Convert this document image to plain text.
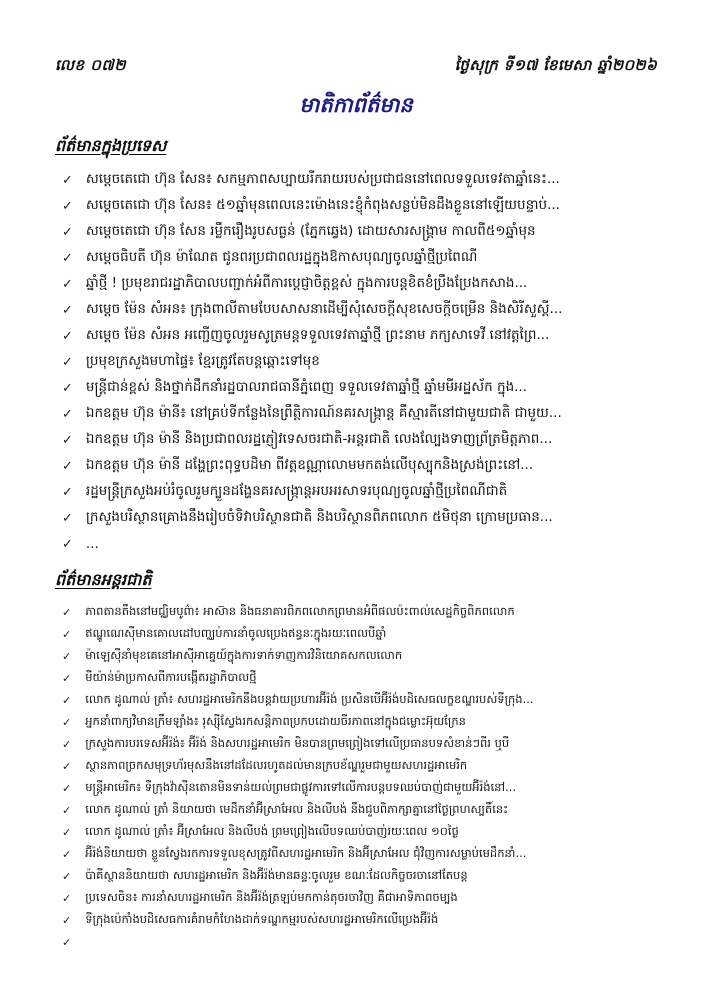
លេខ ០៧២	ថ្ងៃសុក្រ ទី១៧ ខែមេសា ឆ្នាំ២០២៦
មាតិកាព័ត៌មាន
ព័ត៌មានក្នុងប្រទេស
✓ សម្តេចតេជោ ហ៊ុន សែន៖ សកម្មភាពសប្បាយរីករាយរបស់ប្រជាជននៅពេលទទួលទេវតាឆ្នាំនេះ...
✓ សម្តេចតេជោ ហ៊ុន សែន៖ ៥១ឆ្នាំមុនពេលនេះម៉ោងនេះខ្ញុំកំពុងសន្លប់មិនដឹងខ្លួននៅឡើយបន្ទាប់...
✓ សម្តេចតេជោ ហ៊ុន សែន រម្លឹករឿងរូបសធ្ងន់ (ភ្នែកឆ្វេង) ដោយសារសង្គ្រាម កាលពី៥១ឆ្នាំមុន
✓ សម្តេចធិបតី ហ៊ុន ម៉ាណែត ជូនពរប្រជាពលរដ្ឋក្នុងឱកាសបុណ្យចូលឆ្នាំថ្មីប្រពៃណី
✓ ឆ្នាំថ្មី ! ប្រមុខរាជរដ្ឋាភិបាលបញ្ជាក់អំពីការប្តេជ្ញាចិត្តខ្ពស់ ក្នុងការបន្តខិតខំប្រឹងប្រែងកសាង...
✓ សម្តេច ម៉ែន សំអន៖ ក្រុងពាលីតាមបែបសាសនាដើម្បីសុំសេចក្តីសុខសេចក្តីចម្រើន និងសិរីសួស្តី...
✓ សម្តេច ម៉ែន សំអន អញ្ជើញចូលរួមសូត្រមន្តទទួលទេវតាឆ្នាំថ្មី ព្រះនាម ភក្យសាទេវី នៅវត្តព្រៃ...
✓ ប្រមុខក្រសួងមហាផ្ទៃ៖ ខ្មែរត្រូវតែបន្តឆ្ពោះទៅមុខ
✓ មន្ត្រីជាន់ខ្ពស់ និងថ្នាក់ដឹកនាំរដ្ឋបាលរាជធានីភ្នំពេញ ទទួលទេវតាឆ្នាំថ្មី ឆ្នាំមមីអដ្ឋស័ក ក្នុង...
✓ ឯកឧត្តម ហ៊ុន ម៉ានី៖ នៅគ្រប់ទីកន្លែងនៃព្រឹត្តិការណ៍នគរសង្ក្រាន្ត គឺស្មារតីនៅជាមួយជាតិ ជាមួយ...
✓ ឯកឧត្តម ហ៊ុន ម៉ានី និងប្រជាពលរដ្ឋភ្ញៀវទេសចរជាតិ-អន្តរជាតិ លេងល្បែងទាញព្រ័ត្រមិត្តភាព...
✓ ឯកឧត្តម ហ៊ុន ម៉ានី ដង្ហែព្រះពុទ្ធបដិមា ពីវត្តឧណ្ណាលោមមកតង់លើបុស្បុកនិងស្រង់ព្រះនៅ...
✓ រដ្ឋមន្ត្រីក្រសួងអប់រំចូលរួមក្បួនដង្ហែនគរសង្ក្រាន្តអបអរសាទរបុណ្យចូលឆ្នាំថ្មីប្រពៃណីជាតិ
✓ ក្រសួងបរិស្ថានគ្រោងនឹងរៀបចំទិវាបរិស្ថានជាតិ និងបរិស្ថានពិភពលោក ៥មិថុនា ក្រោមប្រធាន...
✓ ...
ព័ត៌មានអន្តរជាតិ
✓ ភាពតានតឹងនៅមជ្ឈិមបូព៌ា៖ អាស៊ាន និងធនាគារពិភពលោកព្រមានអំពីផលប៉ះពាល់សេដ្ឋកិច្ចពិភពលោក
✓ ឥណ្ឌូណេស៊ីមានគោលដៅបញ្ឈប់ការនាំចូលប្រេងឥន្ធនៈក្នុងរយៈពេលបីឆ្នាំ
✓ ម៉ាឡេស៊ីនាំមុខគេនៅអាស៊ីអាគ្នេយ៍ក្នុងការទាក់ទាញការវិនិយោគសកលលោក
✓ មីយ៉ាន់ម៉ាប្រកាសពីការបង្កើតរដ្ឋាភិបាលថ្មី
✓ លោក ដូណាល់ ត្រាំ៖ សហរដ្ឋអាមេរិកនឹងបន្តវាយប្រហារអ៊ីរ៉ង់ ប្រសិនបើអ៊ីរ៉ង់បដិសេធលក្ខខណ្ឌរបស់ទីក្រុង...
✓ អ្នកនាំពាក្យវិមានក្រឹមឡាំង៖ រុស្ស៊ីស្វែងរកសន្តិភាពប្រកបដោយចីរភាពនៅក្នុងជម្លោះអ៊ុយក្រែន
✓ ក្រសួងការបរទេសអ៊ីរ៉ង់៖ អ៊ីរ៉ង់ និងសហរដ្ឋអាមេរិក មិនបានព្រមព្រៀងទៅលើប្រធានបទសំខាន់ៗពីរ ឬបី
✓ ស្ថានភាពច្រកសមុទ្រហ័រមុសនឹងនៅដដែលរហូតដល់មានក្របខ័ណ្ឌរួមជាមួយសហរដ្ឋអាមេរិក
✓ មន្ត្រីអាមេរិក៖ ទីក្រុងវ៉ាស៊ីនតោនមិនទាន់យល់ព្រមជាផ្លូវការទៅលើការបន្តបទឈប់បាញ់ជាមួយអ៊ីរ៉ង់នៅ...
✓ លោក ដូណាល់ ត្រាំ និយាយថា មេដឹកនាំអ៊ីស្រាអែល និងលីបង់ នឹងជួបពិភាក្សាគ្នានៅថ្ងៃព្រហស្បតិ៍នេះ
✓ លោក ដូណាល់ ត្រាំ៖ អ៊ីស្រាអែល និងលីបង់ ព្រមព្រៀងលើបទឈប់បាញ់រយៈពេល ១០ថ្ងៃ
✓ អ៊ីរ៉ង់និយាយថា ខ្លួនស្វែងរកការទទួលខុសត្រូវពីសហរដ្ឋអាមេរិក និងអ៊ីស្រាអែល ជុំវិញការសម្លាប់មេដឹកនាំ...
✓ ប៉ាគីស្ថាននិយាយថា សហរដ្ឋអាមេរិក និងអ៊ីរ៉ង់មានឆន្ទៈចូលរួម ខណៈដែលកិច្ចចរចានៅតែបន្ត
✓ ប្រទេសចិន៖ ការនាំសហរដ្ឋអាមេរិក និងអ៊ីរ៉ង់ត្រឡប់មកកាន់តុចរចាវិញ គឺជាអាទិភាពចម្បង
✓ ទីក្រុងប៉េកាំងបដិសេធការគំរាមកំហែងដាក់ទណ្ឌកម្មរបស់សហរដ្ឋអាមេរិកលើប្រេងអ៊ីរ៉ង់
✓
